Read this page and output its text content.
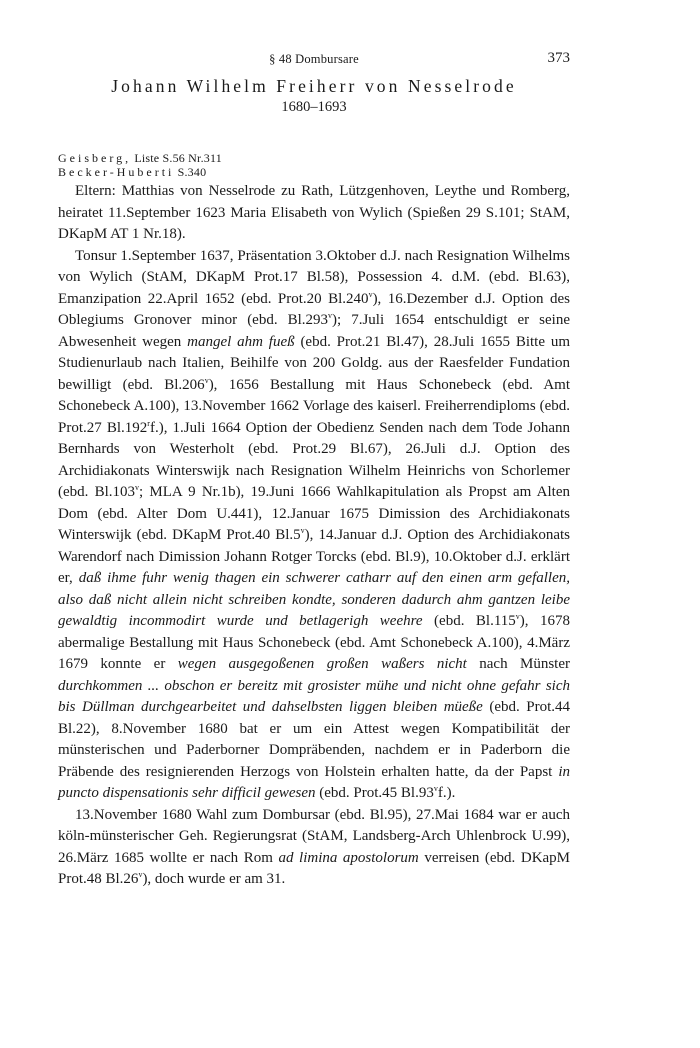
§ 48 Dombursare	373
Johann Wilhelm Freiherr von Nesselrode
1680–1693
Geisberg, Liste S.56 Nr.311
Becker-Huberti S.340

Eltern: Matthias von Nesselrode zu Rath, Lützgenhoven, Leythe und Romberg, heiratet 11.September 1623 Maria Elisabeth von Wylich (Spießen 29 S.101; StAM, DKapM AT 1 Nr.18).

Tonsur 1.September 1637, Präsentation 3.Oktober d.J. nach Resignation Wilhelms von Wylich (StAM, DKapM Prot.17 Bl.58), Possession 4. d.M. (ebd. Bl.63), Emanzipation 22.April 1652 (ebd. Prot.20 Bl.240$^v$), 16.Dezember d.J. Option des Oblegiums Gronover minor (ebd. Bl.293$^v$); 7.Juli 1654 entschuldigt er seine Abwesenheit wegen mangel ahm fueß (ebd. Prot.21 Bl.47), 28.Juli 1655 Bitte um Studienurlaub nach Italien, Beihilfe von 200 Goldg. aus der Raesfelder Fundation bewilligt (ebd. Bl.206$^v$), 1656 Bestallung mit Haus Schonebeck (ebd. Amt Schonebeck A.100), 13.November 1662 Vorlage des kaiserl. Freiherrendiploms (ebd. Prot.27 Bl.192$^r$f.), 1.Juli 1664 Option der Obedienz Senden nach dem Tode Johann Bernhards von Westerholt (ebd. Prot.29 Bl.67), 26.Juli d.J. Option des Archidiakonats Winterswijk nach Resignation Wilhelm Heinrichs von Schorlemer (ebd. Bl.103$^v$; MLA 9 Nr.1b), 19.Juni 1666 Wahlkapitulation als Propst am Alten Dom (ebd. Alter Dom U.441), 12.Januar 1675 Dimission des Archidiakonats Winterswijk (ebd. DKapM Prot.40 Bl.5$^v$), 14.Januar d.J. Option des Archidiakonats Warendorf nach Dimission Johann Rotger Torcks (ebd. Bl.9), 10.Oktober d.J. erklärt er, daß ihme fuhr wenig thagen ein schwerer catharr auf den einen arm gefallen, also daß nicht allein nicht schreiben kondte, sonderen dadurch ahm gantzen leibe gewaldtig incommodirt wurde und betlagerigh weehre (ebd. Bl.115$^v$), 1678 abermalige Bestallung mit Haus Schonebeck (ebd. Amt Schonebeck A.100), 4.März 1679 konnte er wegen ausgegoßenen großen waßers nicht nach Münster durchkommen ... obschon er bereitz mit grosister mühe und nicht ohne gefahr sich bis Düllman durchgearbeitet und dahselbsten liggen bleiben müeße (ebd. Prot.44 Bl.22), 8.November 1680 bat er um ein Attest wegen Kompatibilität der münsterischen und Paderborner Dompräbenden, nachdem er in Paderborn die Präbende des resignierenden Herzogs von Holstein erhalten hatte, da der Papst in puncto dispensationis sehr difficil gewesen (ebd. Prot.45 Bl.93$^v$f.).

13.November 1680 Wahl zum Dombursar (ebd. Bl.95), 27.Mai 1684 war er auch köln-münsterischer Geh. Regierungsrat (StAM, Landsberg-Arch Uhlenbrock U.99), 26.März 1685 wollte er nach Rom ad limina apostolorum verreisen (ebd. DKapM Prot.48 Bl.26$^v$), doch wurde er am 31.
